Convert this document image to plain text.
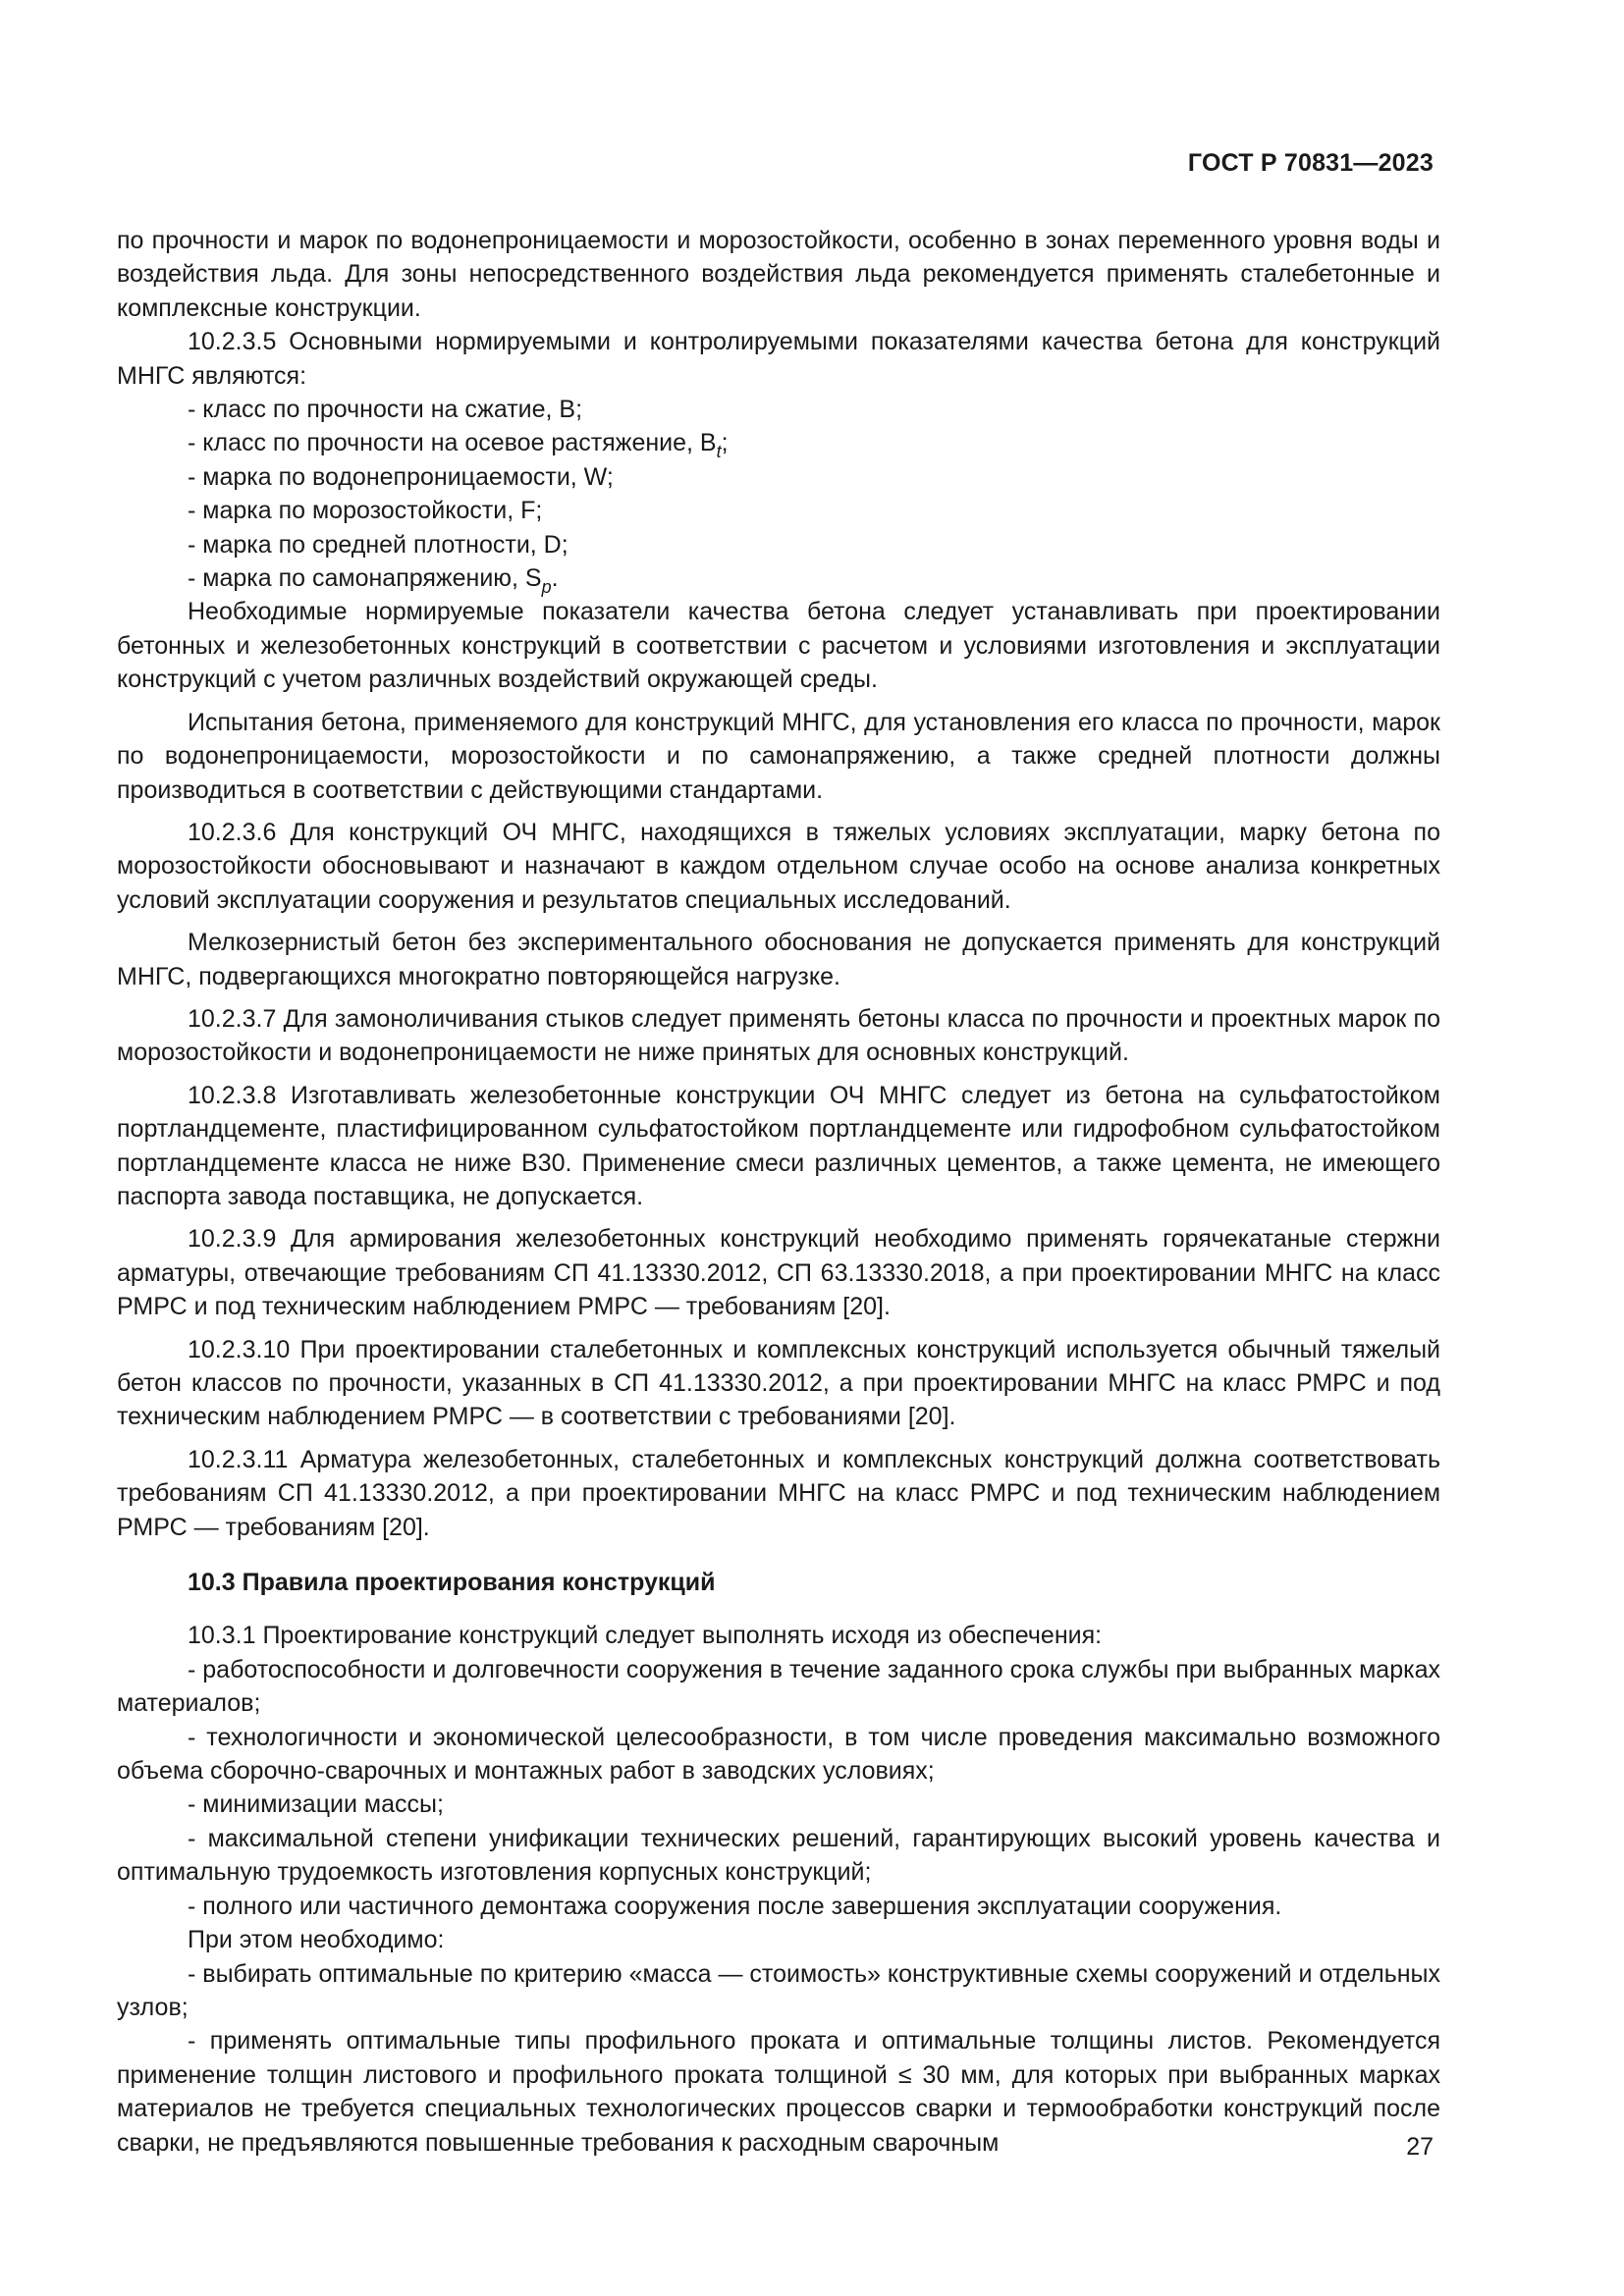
ГОСТ Р 70831—2023

по прочности и марок по водонепроницаемости и морозостойкости, особенно в зонах переменного уровня воды и воздействия льда. Для зоны непосредственного воздействия льда рекомендуется применять сталебетонные и комплексные конструкции.

10.2.3.5 Основными нормируемыми и контролируемыми показателями качества бетона для конструкций МНГС являются:

- класс по прочности на сжатие, В;

- класс по прочности на осевое растяжение, $В_t$;

- марка по водонепроницаемости, W;

- марка по морозостойкости, F;

- марка по средней плотности, D;

- марка по самонапряжению, $S_p$.

Необходимые нормируемые показатели качества бетона следует устанавливать при проектировании бетонных и железобетонных конструкций в соответствии с расчетом и условиями изготовления и эксплуатации конструкций с учетом различных воздействий окружающей среды.

Испытания бетона, применяемого для конструкций МНГС, для установления его класса по прочности, марок по водонепроницаемости, морозостойкости и по самонапряжению, а также средней плотности должны производиться в соответствии с действующими стандартами.

10.2.3.6 Для конструкций ОЧ МНГС, находящихся в тяжелых условиях эксплуатации, марку бетона по морозостойкости обосновывают и назначают в каждом отдельном случае особо на основе анализа конкретных условий эксплуатации сооружения и результатов специальных исследований.

Мелкозернистый бетон без экспериментального обоснования не допускается применять для конструкций МНГС, подвергающихся многократно повторяющейся нагрузке.

10.2.3.7 Для замоноличивания стыков следует применять бетоны класса по прочности и проектных марок по морозостойкости и водонепроницаемости не ниже принятых для основных конструкций.

10.2.3.8 Изготавливать железобетонные конструкции ОЧ МНГС следует из бетона на сульфатостойком портландцементе, пластифицированном сульфатостойком портландцементе или гидрофобном сульфатостойком портландцементе класса не ниже В30. Применение смеси различных цементов, а также цемента, не имеющего паспорта завода поставщика, не допускается.

10.2.3.9 Для армирования железобетонных конструкций необходимо применять горячекатаные стержни арматуры, отвечающие требованиям СП 41.13330.2012, СП 63.13330.2018, а при проектировании МНГС на класс РМРС и под техническим наблюдением РМРС — требованиям [20].

10.2.3.10 При проектировании сталебетонных и комплексных конструкций используется обычный тяжелый бетон классов по прочности, указанных в СП 41.13330.2012, а при проектировании МНГС на класс РМРС и под техническим наблюдением РМРС — в соответствии с требованиями [20].

10.2.3.11 Арматура железобетонных, сталебетонных и комплексных конструкций должна соответствовать требованиям СП 41.13330.2012, а при проектировании МНГС на класс РМРС и под техническим наблюдением РМРС — требованиям [20].

10.3 Правила проектирования конструкций

10.3.1 Проектирование конструкций следует выполнять исходя из обеспечения:

- работоспособности и долговечности сооружения в течение заданного срока службы при выбранных марках материалов;

- технологичности и экономической целесообразности, в том числе проведения максимально возможного объема сборочно-сварочных и монтажных работ в заводских условиях;

- минимизации массы;

- максимальной степени унификации технических решений, гарантирующих высокий уровень качества и оптимальную трудоемкость изготовления корпусных конструкций;

- полного или частичного демонтажа сооружения после завершения эксплуатации сооружения.

При этом необходимо:

- выбирать оптимальные по критерию «масса — стоимость» конструктивные схемы сооружений и отдельных узлов;

- применять оптимальные типы профильного проката и оптимальные толщины листов. Рекомендуется применение толщин листового и профильного проката толщиной ≤ 30 мм, для которых при выбранных марках материалов не требуется специальных технологических процессов сварки и термообработки конструкций после сварки, не предъявляются повышенные требования к расходным сварочным	27
